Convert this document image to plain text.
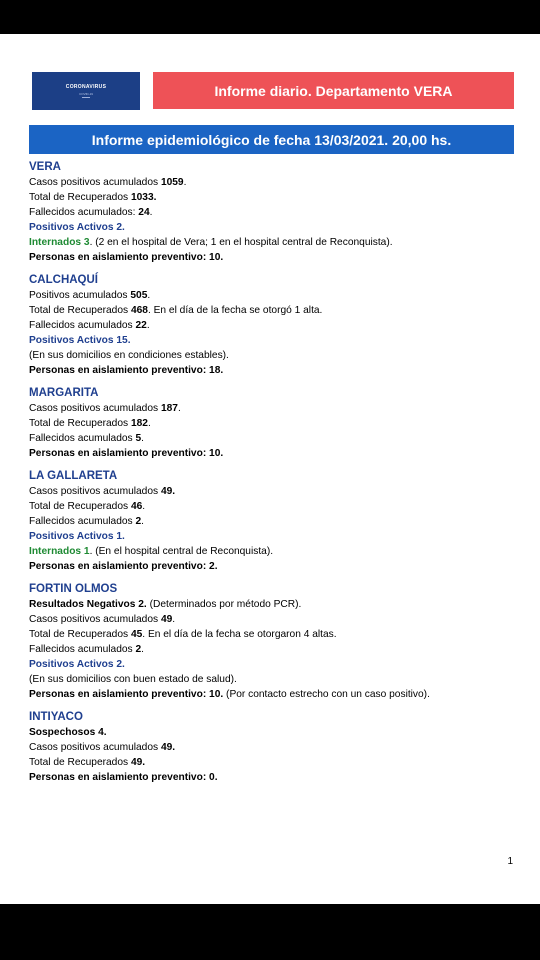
CORONAVIRUS
COVID-19	Informe diario. Departamento VERA
Informe epidemiológico de fecha 13/03/2021. 20,00 hs.
VERA
Casos positivos acumulados 1059.
Total de Recuperados 1033.
Fallecidos acumulados: 24.
Positivos Activos 2.
Internados 3. (2 en el hospital de Vera; 1 en el hospital central de Reconquista).
Personas en aislamiento preventivo: 10.
CALCHAQUÍ
Positivos acumulados 505.
Total de Recuperados 468. En el día de la fecha se otorgó 1 alta.
Fallecidos acumulados 22.
Positivos Activos 15.
(En sus domicilios en condiciones estables).
Personas en aislamiento preventivo: 18.
MARGARITA
Casos positivos acumulados 187.
Total de Recuperados 182.
Fallecidos acumulados 5.
Personas en aislamiento preventivo: 10.
LA GALLARETA
Casos positivos acumulados 49.
Total de Recuperados 46.
Fallecidos acumulados 2.
Positivos Activos 1.
Internados 1. (En el hospital central de Reconquista).
Personas en aislamiento preventivo: 2.
FORTIN OLMOS
Resultados Negativos 2. (Determinados por método PCR).
Casos positivos acumulados 49.
Total de Recuperados 45. En el día de la fecha se otorgaron 4 altas.
Fallecidos acumulados 2.
Positivos Activos 2.
(En sus domicilios con buen estado de salud).
Personas en aislamiento preventivo: 10. (Por contacto estrecho con un caso positivo).
INTIYACO
Sospechosos 4.
Casos positivos acumulados 49.
Total de Recuperados 49.
Personas en aislamiento preventivo: 0.
1
